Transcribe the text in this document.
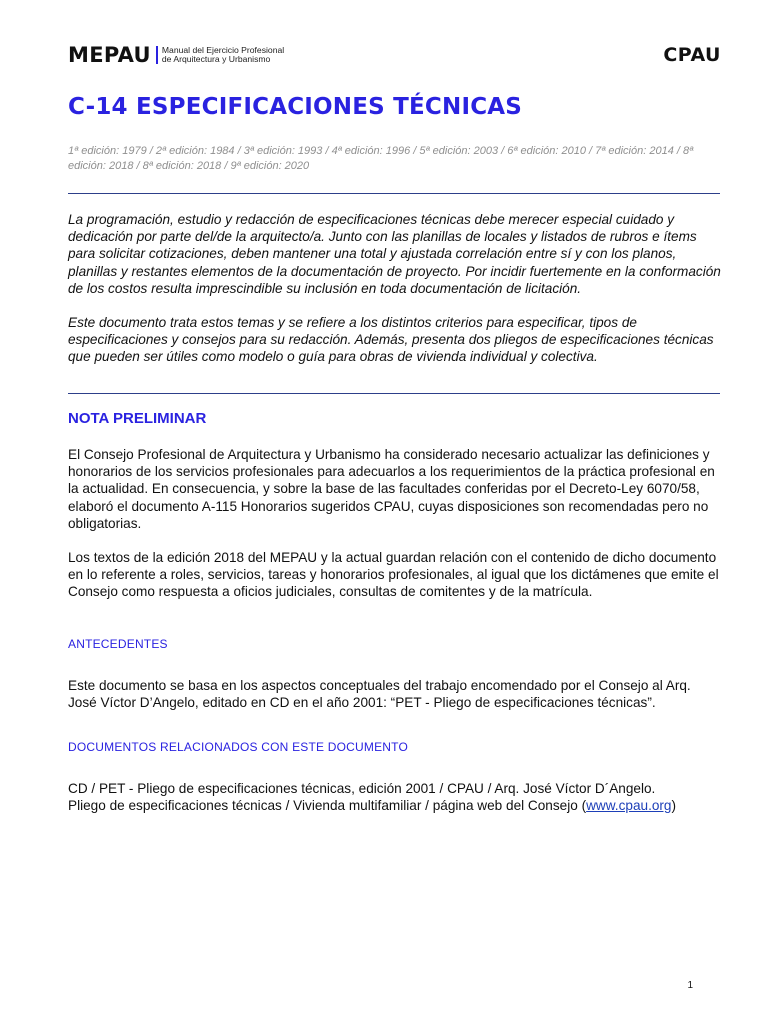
MEPAU Manual del Ejercicio Profesional
de Arquitectura y Urbanismo	CPAU
C-14 ESPECIFICACIONES TÉCNICAS
1ª edición: 1979 / 2ª edición: 1984 / 3ª edición: 1993 / 4ª edición: 1996 / 5ª edición: 2003 / 6ª edición: 2010 / 7ª edición: 2014 / 8ª edición: 2018 / 8ª edición: 2018 / 9ª edición: 2020

La programación, estudio y redacción de especificaciones técnicas debe merecer especial cuidado y dedicación por parte del/de la arquitecto/a. Junto con las planillas de locales y listados de rubros e ítems para solicitar cotizaciones, deben mantener una total y ajustada correlación entre sí y con los planos, planillas y restantes elementos de la documentación de proyecto. Por incidir fuertemente en la conformación de los costos resulta imprescindible su inclusión en toda documentación de licitación.

Este documento trata estos temas y se refiere a los distintos criterios para especificar, tipos de especificaciones y consejos para su redacción. Además, presenta dos pliegos de especificaciones técnicas que pueden ser útiles como modelo o guía para obras de vivienda individual y colectiva.

NOTA PRELIMINAR

El Consejo Profesional de Arquitectura y Urbanismo ha considerado necesario actualizar las definiciones y honorarios de los servicios profesionales para adecuarlos a los requerimientos de la práctica profesional en la actualidad. En consecuencia, y sobre la base de las facultades conferidas por el Decreto-Ley 6070/58, elaboró el documento A-115 Honorarios sugeridos CPAU, cuyas disposiciones son recomendadas pero no obligatorias.

Los textos de la edición 2018 del MEPAU y la actual guardan relación con el contenido de dicho documento en lo referente a roles, servicios, tareas y honorarios profesionales, al igual que los dictámenes que emite el Consejo como respuesta a oficios judiciales, consultas de comitentes y de la matrícula.

ANTECEDENTES

Este documento se basa en los aspectos conceptuales del trabajo encomendado por el Consejo al Arq. José Víctor D’Angelo, editado en CD en el año 2001: “PET - Pliego de especificaciones técnicas”.

DOCUMENTOS RELACIONADOS CON ESTE DOCUMENTO
CD / PET - Pliego de especificaciones técnicas, edición 2001 / CPAU / Arq. José Víctor D´Angelo.
Pliego de especificaciones técnicas / Vivienda multifamiliar / página web del Consejo (www.cpau.org)
1
